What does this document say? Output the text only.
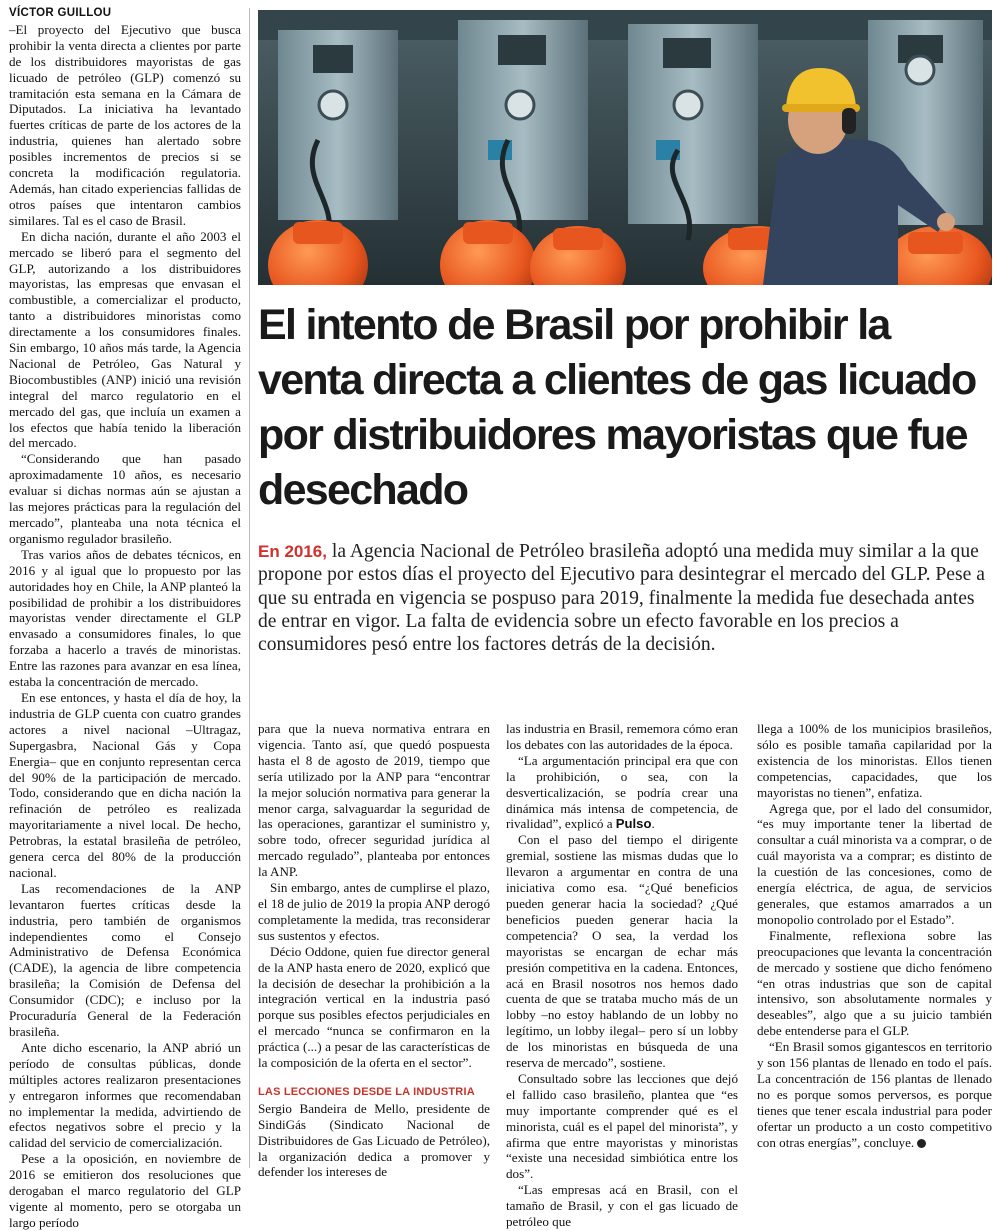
VÍCTOR GUILLOU

–El proyecto del Ejecutivo que busca prohibir la venta directa a clientes por parte de los distribuidores mayoristas de gas licuado de petróleo (GLP) comenzó su tramitación esta semana en la Cámara de Diputados. La iniciativa ha levantado fuertes críticas de parte de los actores de la industria, quienes han alertado sobre posibles incrementos de precios si se concreta la modificación regulatoria. Además, han citado experiencias fallidas de otros países que intentaron cambios similares. Tal es el caso de Brasil.

En dicha nación, durante el año 2003 el mercado se liberó para el segmento del GLP, autorizando a los distribuidores mayoristas, las empresas que envasan el combustible, a comercializar el producto, tanto a distribuidores minoristas como directamente a los consumidores finales. Sin embargo, 10 años más tarde, la Agencia Nacional de Petróleo, Gas Natural y Biocombustibles (ANP) inició una revisión integral del marco regulatorio en el mercado del gas, que incluía un examen a los efectos que había tenido la liberación del mercado.

“Considerando que han pasado aproximadamente 10 años, es necesario evaluar si dichas normas aún se ajustan a las mejores prácticas para la regulación del mercado”, planteaba una nota técnica el organismo regulador brasileño.

Tras varios años de debates técnicos, en 2016 y al igual que lo propuesto por las autoridades hoy en Chile, la ANP planteó la posibilidad de prohibir a los distribuidores mayoristas vender directamente el GLP envasado a consumidores finales, lo que forzaba a hacerlo a través de minoristas. Entre las razones para avanzar en esa línea, estaba la concentración de mercado.

En ese entonces, y hasta el día de hoy, la industria de GLP cuenta con cuatro grandes actores a nivel nacional –Ultragaz, Supergasbra, Nacional Gás y Copa Energia– que en conjunto representan cerca del 90% de la participación de mercado. Todo, considerando que en dicha nación la refinación de petróleo es realizada mayoritariamente a nivel local. De hecho, Petrobras, la estatal brasileña de petróleo, genera cerca del 80% de la producción nacional.

Las recomendaciones de la ANP levantaron fuertes críticas desde la industria, pero también de organismos independientes como el Consejo Administrativo de Defensa Económica (CADE), la agencia de libre competencia brasileña; la Comisión de Defensa del Consumidor (CDC); e incluso por la Procuraduría General de la Federación brasileña.

Ante dicho escenario, la ANP abrió un período de consultas públicas, donde múltiples actores realizaron presentaciones y entregaron informes que recomendaban no implementar la medida, advirtiendo de efectos negativos sobre el precio y la calidad del servicio de comercialización.

Pese a la oposición, en noviembre de 2016 se emitieron dos resoluciones que derogaban el marco regulatorio del GLP vigente al momento, pero se otorgaba un largo período

El intento de Brasil por prohibir la venta directa a clientes de gas licuado por distribuidores mayoristas que fue desechado

En 2016, la Agencia Nacional de Petróleo brasileña adoptó una medida muy similar a la que propone por estos días el proyecto del Ejecutivo para desintegrar el mercado del GLP. Pese a que su entrada en vigencia se pospuso para 2019, finalmente la medida fue desechada antes de entrar en vigor. La falta de evidencia sobre un efecto favorable en los precios a consumidores pesó entre los factores detrás de la decisión.

para que la nueva normativa entrara en vigencia. Tanto así, que quedó pospuesta hasta el 8 de agosto de 2019, tiempo que sería utilizado por la ANP para “encontrar la mejor solución normativa para generar la menor carga, salvaguardar la seguridad de las operaciones, garantizar el suministro y, sobre todo, ofrecer seguridad jurídica al mercado regulado”, planteaba por entonces la ANP.

Sin embargo, antes de cumplirse el plazo, el 18 de julio de 2019 la propia ANP derogó completamente la medida, tras reconsiderar sus sustentos y efectos.

Décio Oddone, quien fue director general de la ANP hasta enero de 2020, explicó que la decisión de desechar la prohibición a la integración vertical en la industria pasó porque sus posibles efectos perjudiciales en el mercado “nunca se confirmaron en la práctica (...) a pesar de las características de la composición de la oferta en el sector”.

LAS LECCIONES DESDE LA INDUSTRIA

Sergio Bandeira de Mello, presidente de SindiGás (Sindicato Nacional de Distribuidores de Gas Licuado de Petróleo), la organización dedica a promover y defender los intereses de

las industria en Brasil, rememora cómo eran los debates con las autoridades de la época.

“La argumentación principal era que con la prohibición, o sea, con la desverticalización, se podría crear una dinámica más intensa de competencia, de rivalidad”, explicó a Pulso.

Con el paso del tiempo el dirigente gremial, sostiene las mismas dudas que lo llevaron a argumentar en contra de una iniciativa como esa. “¿Qué beneficios pueden generar hacia la sociedad? ¿Qué beneficios pueden generar hacia la competencia? O sea, la verdad los mayoristas se encargan de echar más presión competitiva en la cadena. Entonces, acá en Brasil nosotros nos hemos dado cuenta de que se trataba mucho más de un lobby –no estoy hablando de un lobby no legítimo, un lobby ilegal– pero sí un lobby de los minoristas en búsqueda de una reserva de mercado”, sostiene.

Consultado sobre las lecciones que dejó el fallido caso brasileño, plantea que “es muy importante comprender qué es el minorista, cuál es el papel del minorista”, y afirma que entre mayoristas y minoristas “existe una necesidad simbiótica entre los dos”.

“Las empresas acá en Brasil, con el tamaño de Brasil, y con el gas licuado de petróleo que

llega a 100% de los municipios brasileños, sólo es posible tamaña capilaridad por la existencia de los minoristas. Ellos tienen competencias, capacidades, que los mayoristas no tienen”, enfatiza.

Agrega que, por el lado del consumidor, “es muy importante tener la libertad de consultar a cuál minorista va a comprar, o de cuál mayorista va a comprar; es distinto de la cuestión de las concesiones, como de energía eléctrica, de agua, de servicios generales, que estamos amarrados a un monopolio controlado por el Estado”.

Finalmente, reflexiona sobre las preocupaciones que levanta la concentración de mercado y sostiene que dicho fenómeno “en otras industrias que son de capital intensivo, son absolutamente normales y deseables”, algo que a su juicio también debe entenderse para el GLP.

“En Brasil somos gigantescos en territorio y son 156 plantas de llenado en todo el país. La concentración de 156 plantas de llenado no es porque somos perversos, es porque tienes que tener escala industrial para poder ofertar un producto a un costo competitivo con otras energías”, concluye.
